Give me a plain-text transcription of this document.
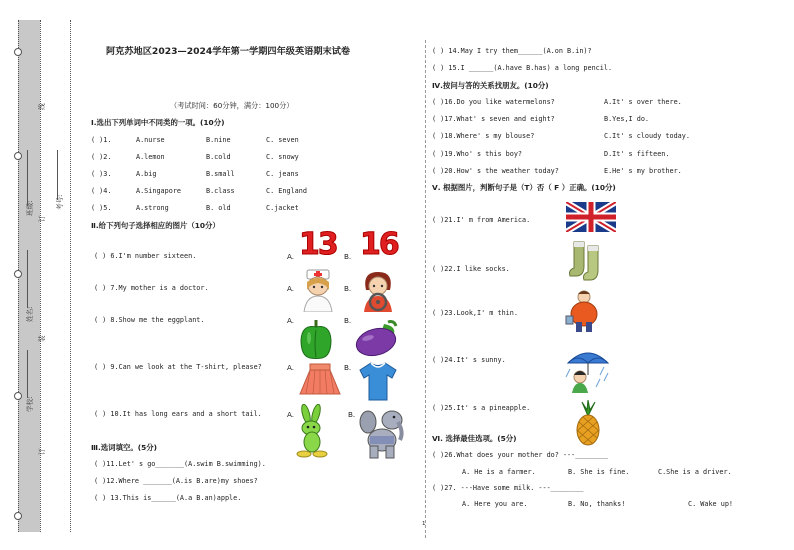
线
订
装
订
学校:
姓名:
班级:	考号:
阿克苏地区2023—2024学年第一学期四年级英语期末试卷
（考试时间：60分钟，满分：100分）
Ⅰ.选出下列单词中不同类的一项。(10分)
( )1.	A.nurse	B.nine	C. seven
( )2.	A.lemon	B.cold	C. snowy
( )3.	A.big	B.small	C. jeans
( )4.	A.Singapore	B.class	C. England
( )5.	A.strong	B. old	C.jacket
Ⅱ.给下列句子选择相应的图片（10分）
( ) 6.I'm number sixteen.	A. 13 B. 16
( ) 7.My mother is a doctor.	A.	B.
( ) 8.Show me the eggplant.	A.	B.
( ) 9.Can we look at the T-shirt, please?	A.	B.
( ) 10.It has long ears and a short tail.	A.	B.
Ⅲ.选词填空。(5分)
( )11.Let' s go_______(A.swim B.swimming).
( )12.Where _______(A.is B.are)my shoes?
( ) 13.This is______(A.a B.an)apple.
( ) 14.May I try them______(A.on B.in)?
( ) 15.I ______(A.have B.has) a long pencil.
Ⅳ.按问与答的关系找朋友。(10分)
( )16.Do you like watermelons?	A.It' s over there.
( )17.What' s seven and eight?	B.Yes,I do.
( )18.Where' s my blouse?	C.It' s cloudy today.
( )19.Who' s this boy?	D.It' s fifteen.
( )20.How' s the weather today?	E.He' s my brother.
Ⅴ. 根据图片，判断句子是（T）否（ F ）正确。(10分)
( )21.I' m from America.
( )22.I like socks.
( )23.Look,I' m thin.
( )24.It' s sunny.
( )25.It' s a pineapple.
Ⅵ. 选择最佳选项。(5分)
( )26.What does your mother do? ---________
A. He is a farmer.	B. She is fine.	C.She is a driver.
( )27. ---Have some milk. ---________
A. Here you are.	B. No, thanks!	C. Wake up!
1
